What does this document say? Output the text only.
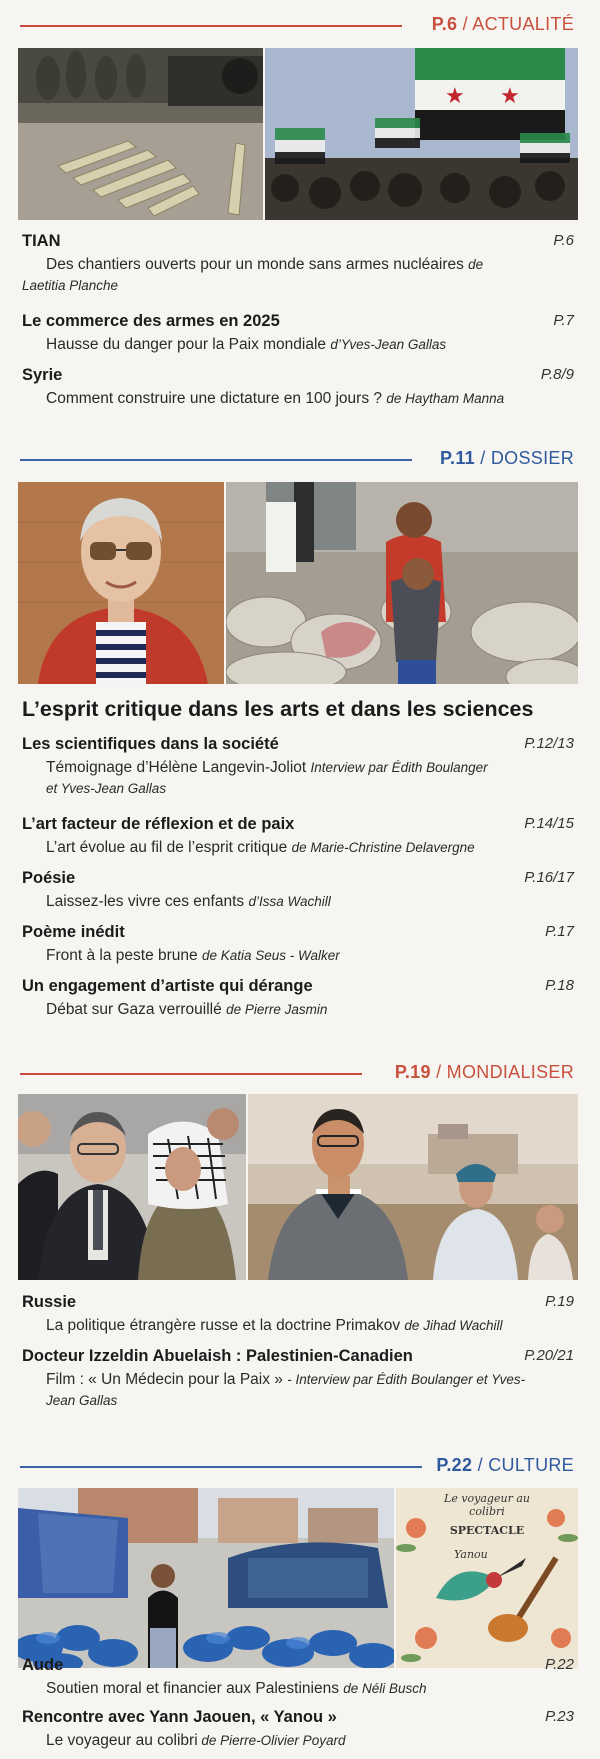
P.6 / ACTUALITÉ
★ ★
TIAN	P.6
Des chantiers ouverts pour un monde sans armes nucléaires de
Laetitia Planche
Le commerce des armes en 2025	P.7
Hausse du danger pour la Paix mondiale d’Yves-Jean Gallas
Syrie	P.8/9
Comment construire une dictature en 100 jours ? de Haytham Manna
P.11 / DOSSIER
L’esprit critique dans les arts et dans les sciences
Les scientifiques dans la société	P.12/13
Témoignage d’Hélène Langevin-Joliot Interview par Édith Boulanger
et Yves-Jean Gallas
L’art facteur de réflexion et de paix	P.14/15
L’art évolue au fil de l’esprit critique de Marie-Christine Delavergne
Poésie	P.16/17
Laissez-les vivre ces enfants d’Issa Wachill
Poème inédit	P.17
Front à la peste brune de Katia Seus - Walker
Un engagement d’artiste qui dérange	P.18
Débat sur Gaza verrouillé de Pierre Jasmin
P.19 / MONDIALISER
Russie	P.19
La politique étrangère russe et la doctrine Primakov de Jihad Wachill
Docteur Izzeldin Abuelaish : Palestinien-Canadien	P.20/21
Film : « Un Médecin pour la Paix » - Interview par Édith Boulanger et Yves-
Jean Gallas
P.22 / CULTURE
Le voyageur au
colibri
SPECTACLE
Yanou
Aude	P.22
Soutien moral et financier aux Palestiniens de Néli Busch
Rencontre avec Yann Jaouen, « Yanou »	P.23
Le voyageur au colibri de Pierre-Olivier Poyard
